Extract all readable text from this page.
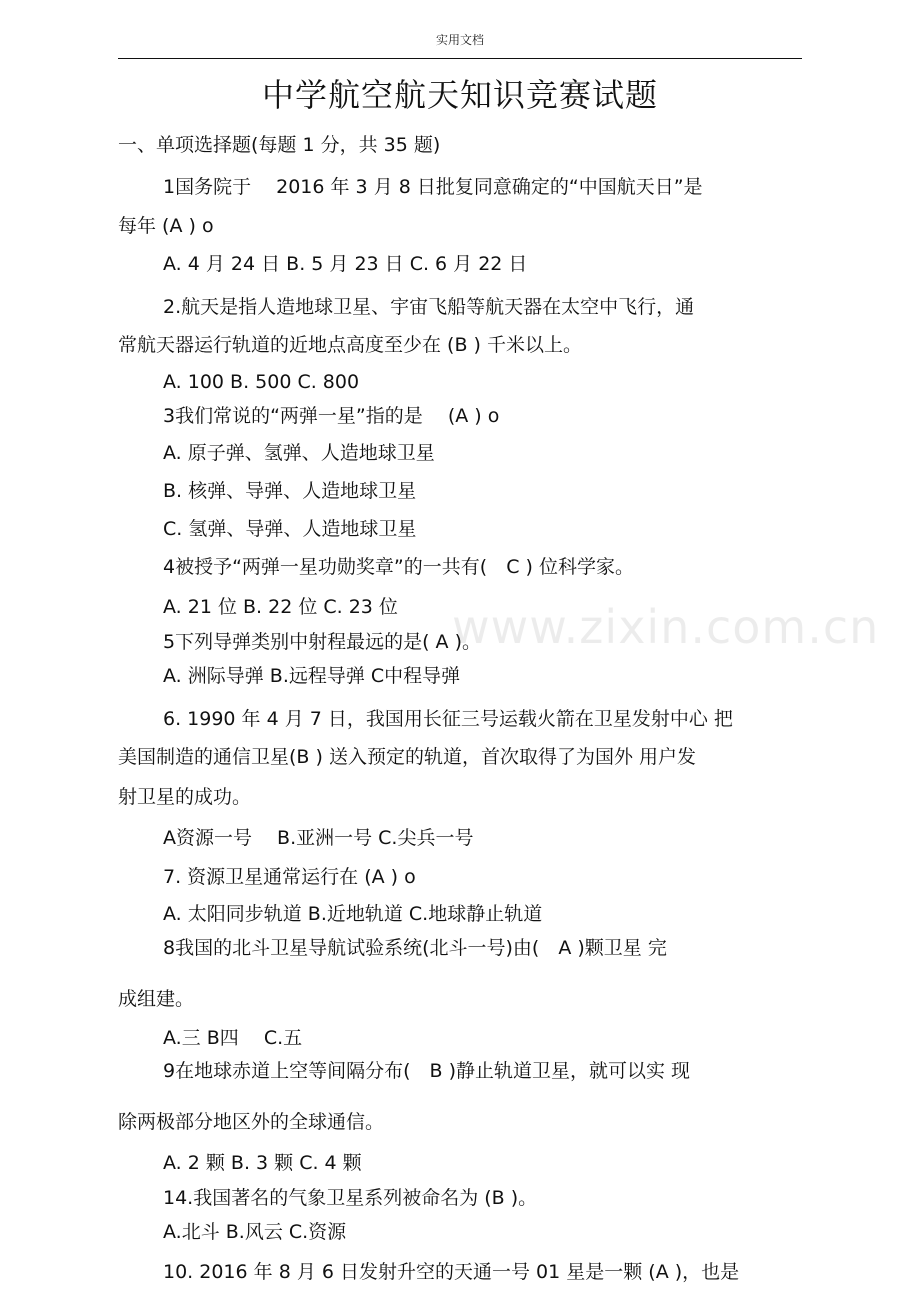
实用文档
中学航空航天知识竞赛试题
www.zixin.com.cn
一、单项选择题(每题 1 分，共 35 题)
1国务院于　 2016 年 3 月 8 日批复同意确定的“中国航天日”是
每年 (A ) o
A. 4 月 24 日 B. 5 月 23 日 C. 6 月 22 日
2.航天是指人造地球卫星、宇宙飞船等航天器在太空中飞行，通
常航天器运行轨道的近地点高度至少在 (B ) 千米以上。
A. 100 B. 500 C. 800
3我们常说的“两弹一星”指的是　 (A ) o
A. 原子弹、氢弹、人造地球卫星
B. 核弹、导弹、人造地球卫星
C. 氢弹、导弹、人造地球卫星
4被授予“两弹一星功勋奖章”的一共有(　C ) 位科学家。
A. 21 位 B. 22 位 C. 23 位
5下列导弹类别中射程最远的是( A )。
A. 洲际导弹 B.远程导弹 C中程导弹
6. 1990 年 4 月 7 日，我国用长征三号运载火箭在卫星发射中心 把
美国制造的通信卫星(B ) 送入预定的轨道，首次取得了为国外 用户发
射卫星的成功。
A资源一号　 B.亚洲一号 C.尖兵一号
7. 资源卫星通常运行在 (A ) o
A. 太阳同步轨道 B.近地轨道 C.地球静止轨道
8我国的北斗卫星导航试验系统(北斗一号)由(　A )颗卫星 完
成组建。
A.三 B四　 C.五
9在地球赤道上空等间隔分布(　B )静止轨道卫星，就可以实 现
除两极部分地区外的全球通信。
A. 2 颗 B. 3 颗 C. 4 颗
14.我国著名的气象卫星系列被命名为 (B )。
A.北斗 B.风云 C.资源
10. 2016 年 8 月 6 日发射升空的天通一号 01 星是一颗 (A )，也是
